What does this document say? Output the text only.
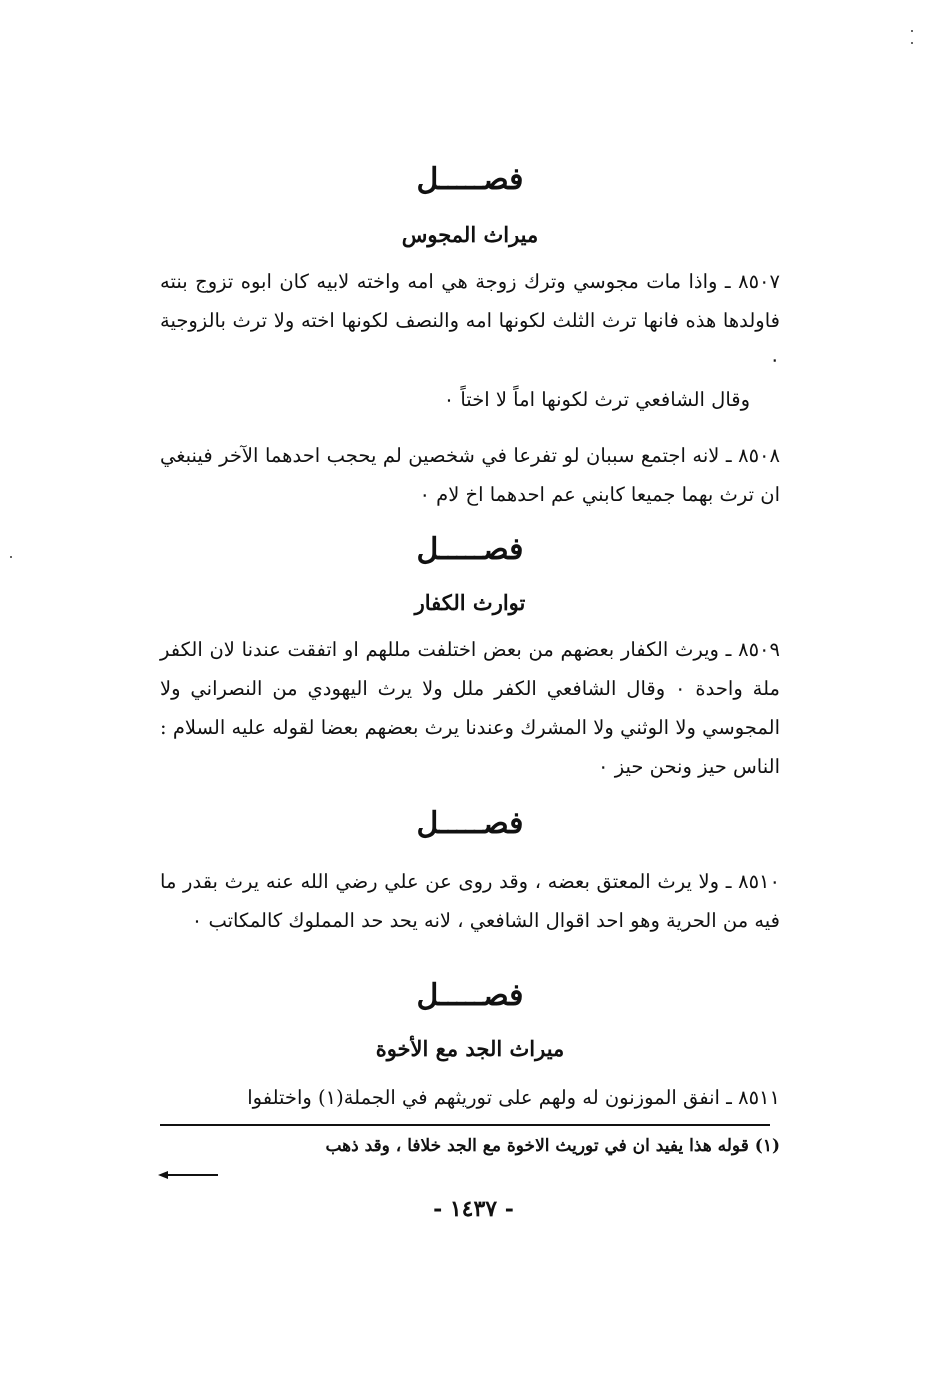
فصـــــل
ميراث المجوس

٨٥٠٧ ـ واذا مات مجوسي وترك زوجة هي امه واخته لابيه كان ابوه تزوج بنته فاولدها هذه فانها ترث الثلث لكونها امه والنصف لكونها اخته ولا ترث بالزوجية ٠

وقال الشافعي ترث لكونها اماً لا اختاً ٠

٨٥٠٨ ـ لانه اجتمع سببان لو تفرعا في شخصين لم يحجب احدهما الآخر فينبغي ان ترث بهما جميعا كابني عم احدهما اخ لام ٠

فصـــــل
توارث الكفار

٨٥٠٩ ـ ويرث الكفار بعضهم من بعض اختلفت مللهم او اتفقت عندنا لان الكفر ملة واحدة ٠ وقال الشافعي الكفر ملل ولا يرث اليهودي من النصراني ولا المجوسي ولا الوثني ولا المشرك وعندنا يرث بعضهم بعضا لقوله عليه السلام : الناس حيز ونحن حيز ٠

فصـــــل

٨٥١٠ ـ ولا يرث المعتق بعضه ، وقد روى عن علي رضي الله عنه يرث بقدر ما فيه من الحرية وهو احد اقوال الشافعي ، لانه يحد حد المملوك كالمكاتب ٠

فصـــــل
ميراث الجد مع الأخوة

٨٥١١ ـ انفق الموزنون له ولهم على توريثهم في الجملة(١) واختلفوا

(١) قوله هذا يفيد ان في توريث الاخوة مع الجد خلافا ، وقد ذهب
- ١٤٣٧ -
